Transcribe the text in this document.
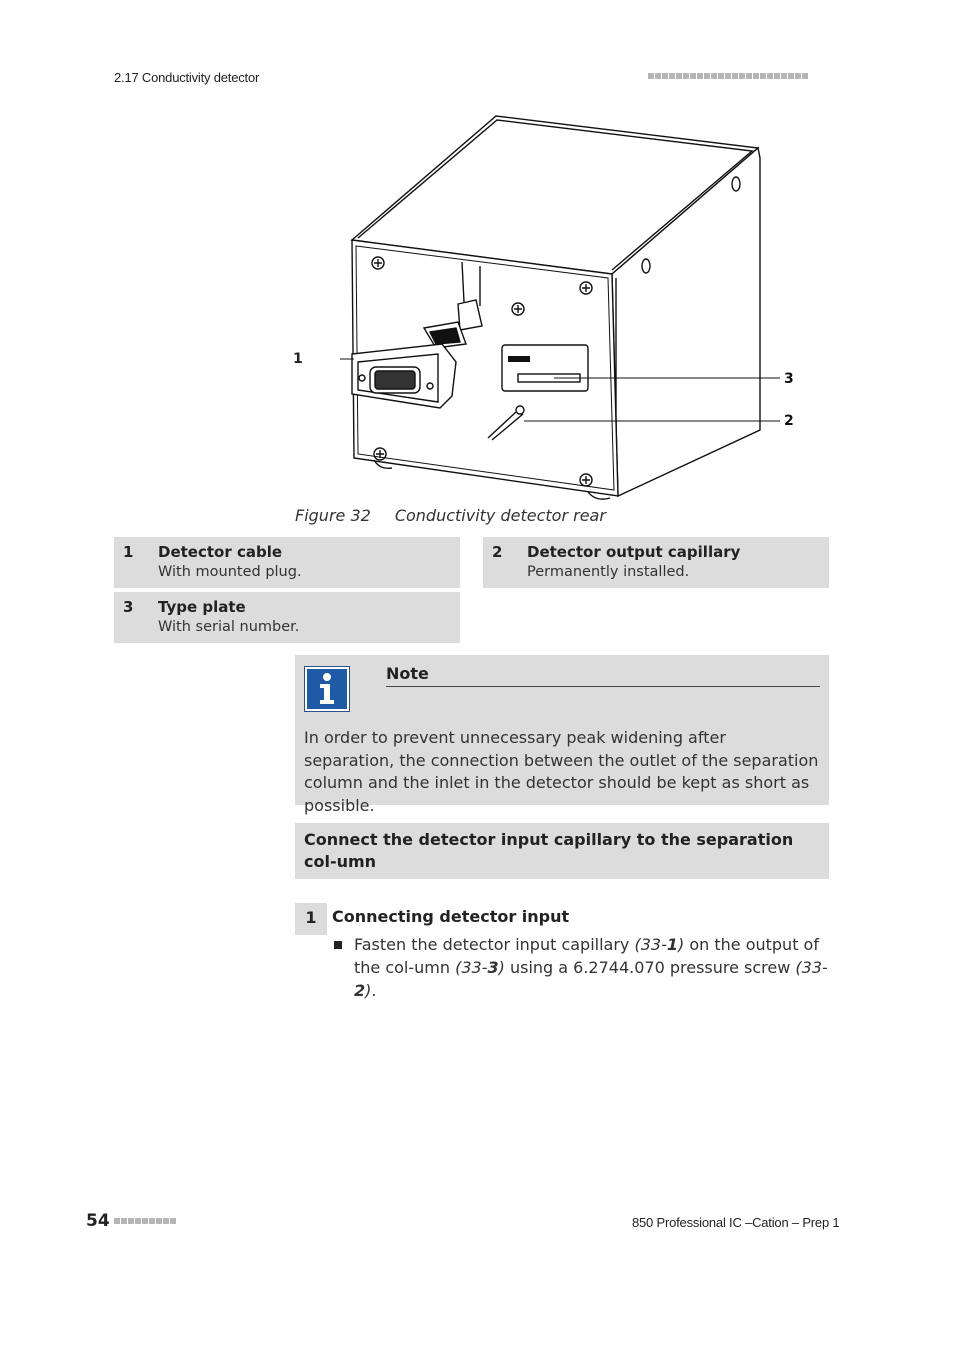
2.17 Conductivity detector
3
2
1
Figure 32 Conductivity detector rear
1 Detector cable
With mounted plug.
2 Detector output capillary
Permanently installed.
3 Type plate
With serial number.
Note
In order to prevent unnecessary peak widening after separation, the connection between the outlet of the separation column and the inlet in the detector should be kept as short as possible.
Connect the detector input capillary to the separation col-umn
1 Connecting detector input
Fasten the detector input capillary (33-1) on the output of the col-umn (33-3) using a 6.2744.070 pressure screw (33-2).
54	850 Professional IC –Cation – Prep 1
